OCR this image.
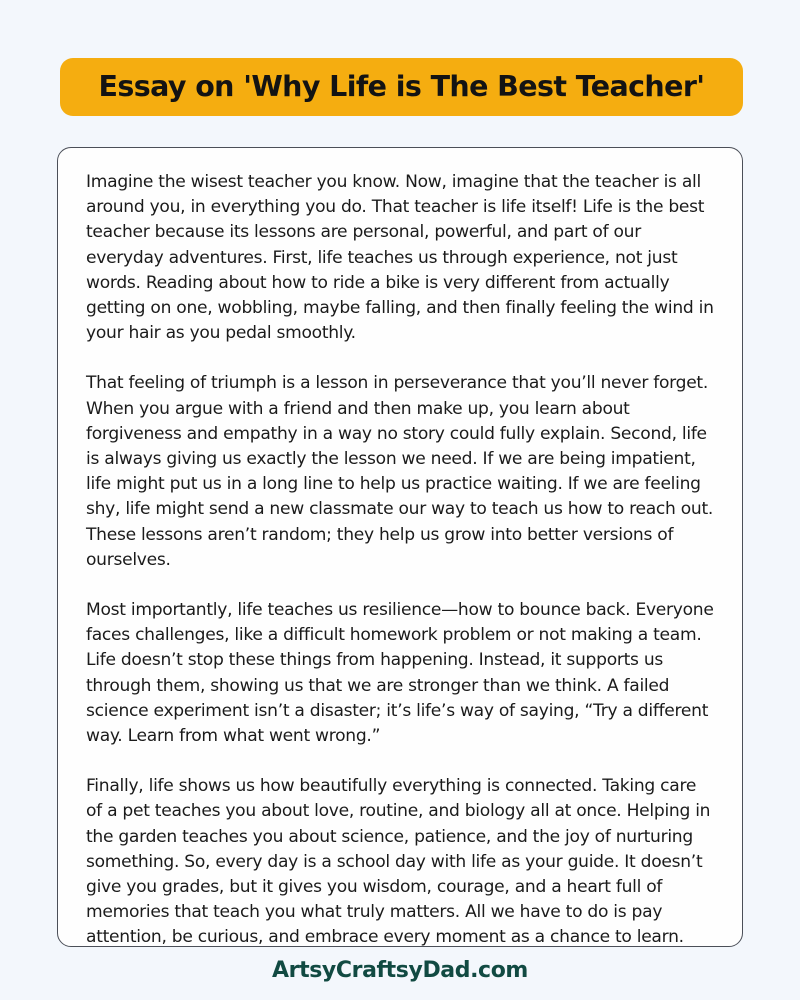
Essay on 'Why Life is The Best Teacher'

Imagine the wisest teacher you know. Now, imagine that the teacher is all around you, in everything you do. That teacher is life itself! Life is the best teacher because its lessons are personal, powerful, and part of our everyday adventures. First, life teaches us through experience, not just words. Reading about how to ride a bike is very different from actually getting on one, wobbling, maybe falling, and then finally feeling the wind in your hair as you pedal smoothly.

That feeling of triumph is a lesson in perseverance that you’ll never forget. When you argue with a friend and then make up, you learn about forgiveness and empathy in a way no story could fully explain. Second, life is always giving us exactly the lesson we need. If we are being impatient, life might put us in a long line to help us practice waiting. If we are feeling shy, life might send a new classmate our way to teach us how to reach out. These lessons aren’t random; they help us grow into better versions of ourselves.

Most importantly, life teaches us resilience—how to bounce back. Everyone faces challenges, like a difficult homework problem or not making a team. Life doesn’t stop these things from happening. Instead, it supports us through them, showing us that we are stronger than we think. A failed science experiment isn’t a disaster; it’s life’s way of saying, “Try a different way. Learn from what went wrong.”

Finally, life shows us how beautifully everything is connected. Taking care of a pet teaches you about love, routine, and biology all at once. Helping in the garden teaches you about science, patience, and the joy of nurturing something. So, every day is a school day with life as your guide. It doesn’t give you grades, but it gives you wisdom, courage, and a heart full of memories that teach you what truly matters. All we have to do is pay attention, be curious, and embrace every moment as a chance to learn.

ArtsyCraftsyDad.com
